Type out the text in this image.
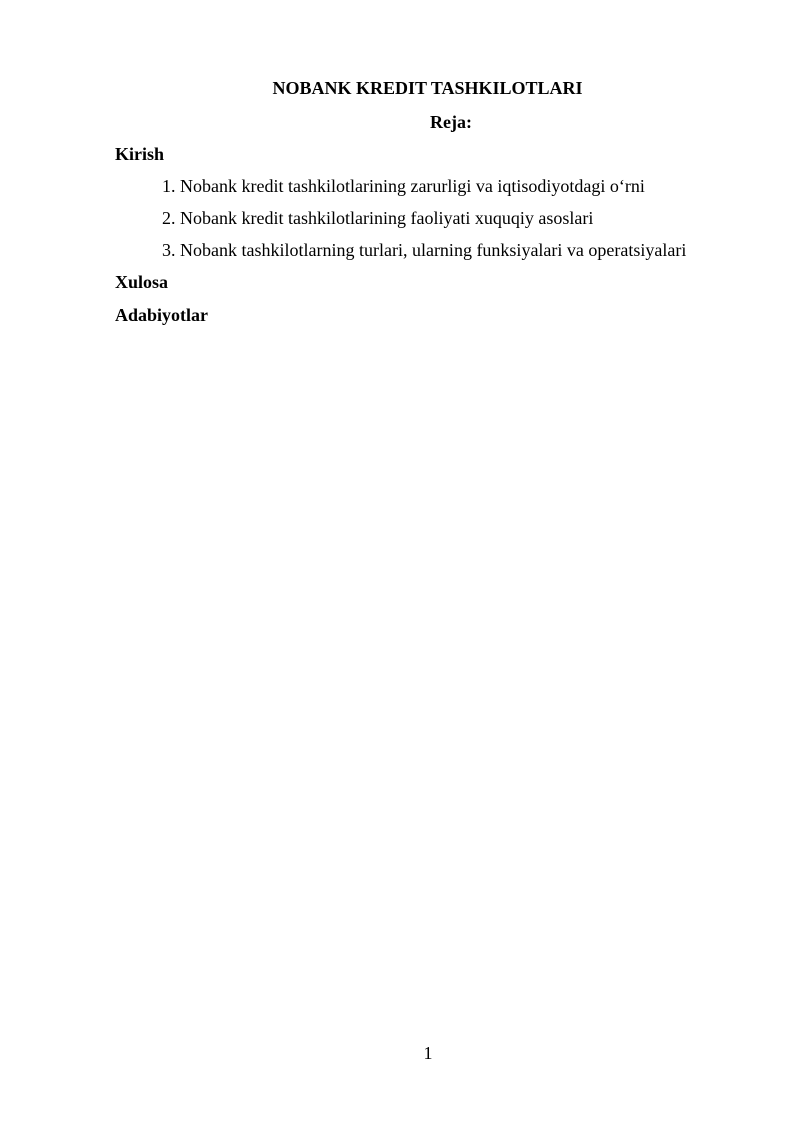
NOBANK KREDIT TASHKILOTLARI
Reja:
Kirish
1. Nobank kredit tashkilotlarining zarurligi va iqtisodiyotdagi o‘rni
2. Nobank kredit tashkilotlarining faoliyati xuquqiy asoslari
3. Nobank tashkilotlarning turlari, ularning funksiyalari va operatsiyalari
Xulosa
Adabiyotlar
1
